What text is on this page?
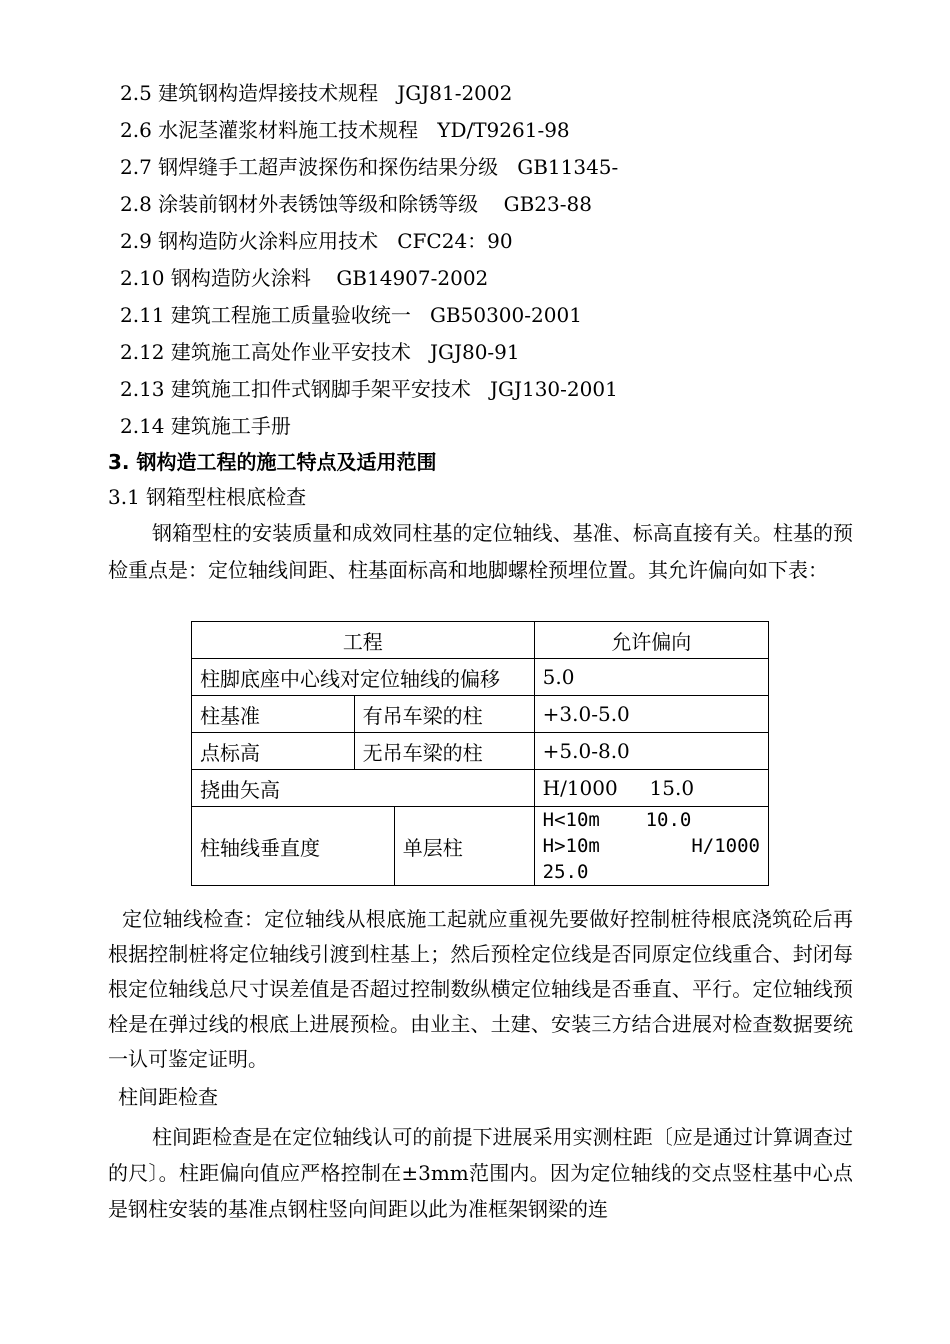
2.5 建筑钢构造焊接技术规程   JGJ81-2002
2.6 水泥茎灌浆材料施工技术规程   YD/T9261-98
2.7 钢焊缝手工超声波探伤和探伤结果分级   GB11345-
2.8 涂装前钢材外表锈蚀等级和除锈等级    GB23-88
2.9 钢构造防火涂料应用技术   CFC24：90
2.10 钢构造防火涂料    GB14907-2002
2.11 建筑工程施工质量验收统一   GB50300-2001
2.12 建筑施工高处作业平安技术   JGJ80-91
2.13 建筑施工扣件式钢脚手架平安技术   JGJ130-2001
2.14 建筑施工手册
3. 钢构造工程的施工特点及适用范围
3.1 钢箱型柱根底检查
钢箱型柱的安装质量和成效同柱基的定位轴线、基准、标高直接有关。柱基的预检重点是：定位轴线间距、柱基面标高和地脚螺栓预埋位置。其允许偏向如下表：
工程			允许偏向
柱脚底座中心线对定位轴线的偏移			5.0
柱基准	有吊车梁的柱		+3.0-5.0
点标高	无吊车梁的柱		+5.0-8.0
挠曲矢高			H/1000     15.0
柱轴线垂直度		单层柱	H<10m    10.0
H>10m        H/1000
25.0
定位轴线检查：定位轴线从根底施工起就应重视先要做好控制桩待根底浇筑砼后再根据控制桩将定位轴线引渡到柱基上；然后预栓定位线是否同原定位线重合、封闭每根定位轴线总尺寸误差值是否超过控制数纵横定位轴线是否垂直、平行。定位轴线预栓是在弹过线的根底上进展预检。由业主、土建、安装三方结合进展对检查数据要统一认可鉴定证明。
柱间距检查
柱间距检查是在定位轴线认可的前提下进展采用实测柱距〔应是通过计算调查过的尺〕。柱距偏向值应严格控制在±3mm范围内。因为定位轴线的交点竖柱基中心点是钢柱安装的基准点钢柱竖向间距以此为准框架钢梁的连
